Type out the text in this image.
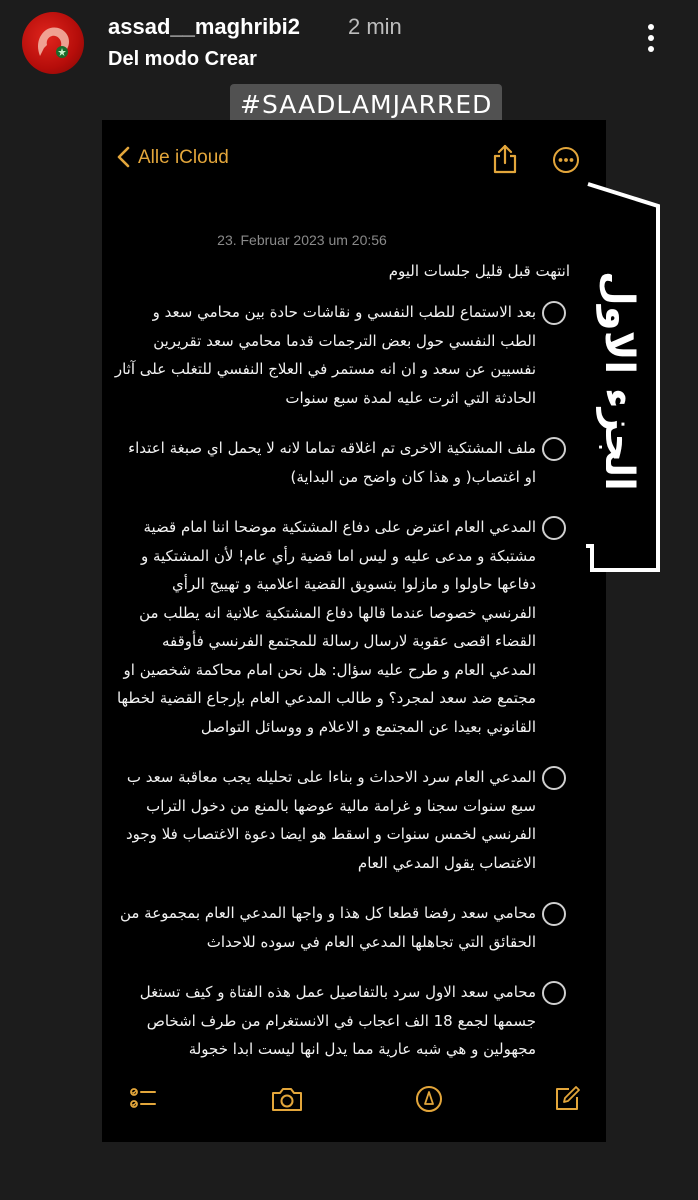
assad__maghribi2 2 min
Del modo Crear
#SAADLAMJARRED
Alle iCloud
23. Februar 2023 um 20:56
انتهت قبل قليل جلسات اليوم
بعد الاستماع للطب النفسي و نقاشات حادة بين محامي سعد و الطب النفسي حول بعض الترجمات قدما محامي سعد تقريرين نفسيين عن سعد و ان انه مستمر في العلاج النفسي للتغلب على آثار الحادثة التي اثرت عليه لمدة سبع سنوات
ملف المشتكية الاخرى تم اغلاقه تماما لانه لا يحمل اي صبغة اعتداء او اغتصاب( و هذا كان واضح من البداية)
المدعي العام اعترض على دفاع المشتكية موضحا اننا امام قضية مشتبكة و مدعى عليه و ليس اما قضية رأي عام! لأن المشتكية و دفاعها حاولوا و مازلوا بتسويق القضية اعلامية و تهييج الرأي الفرنسي خصوصا عندما قالها دفاع المشتكية علانية انه يطلب من القضاء اقصى عقوبة لارسال رسالة للمجتمع الفرنسي فأوقفه المدعي العام و طرح عليه سؤال: هل نحن امام محاكمة شخصين او مجتمع ضد سعد لمجرد؟ و طالب المدعي العام بإرجاع القضية لخطها القانوني بعيدا عن المجتمع و الاعلام و ووسائل التواصل
المدعي العام سرد الاحداث و بناءا على تحليله يجب معاقبة سعد ب سبع سنوات سجنا و غرامة مالية عوضها بالمنع من دخول التراب الفرنسي لخمس سنوات و اسقط هو ايضا دعوة الاغتصاب فلا وجود الاغتصاب يقول المدعي العام
محامي سعد رفضا قطعا كل هذا و واجها المدعي العام بمجموعة من الحقائق التي تجاهلها المدعي العام في سوده للاحداث
محامي سعد الاول سرد بالتفاصيل عمل هذه الفتاة و كيف تستغل جسمها لجمع 18 الف اعجاب في الانستغرام من طرف اشخاص مجهولين و هي شبه عارية مما يدل انها ليست ابدا خجولة
الجزء الاول
